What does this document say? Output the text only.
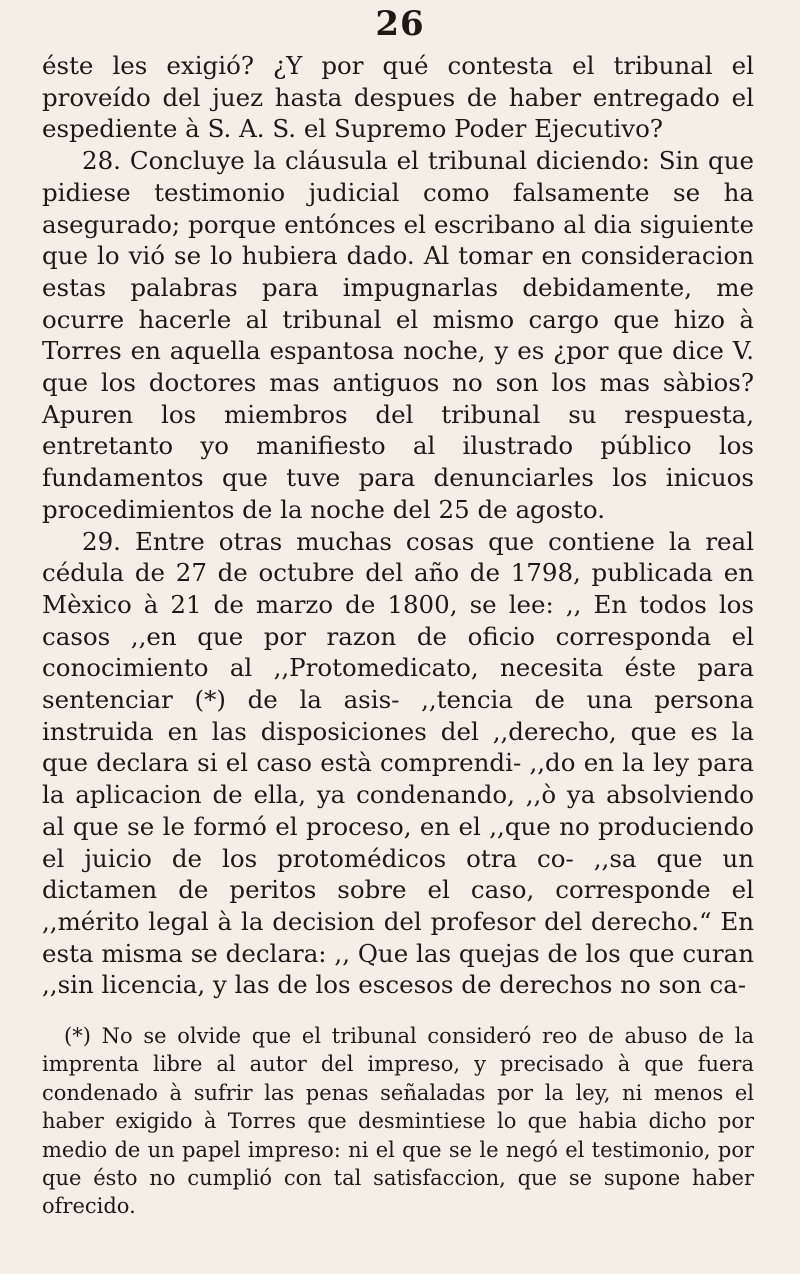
26

éste les exigió? ¿Y por qué contesta el tribunal el proveído del juez hasta despues de haber entregado el espediente à S. A. S. el Supremo Poder Ejecutivo?

28. Concluye la cláusula el tribunal diciendo: Sin que pidiese testimonio judicial como falsamente se ha asegurado; porque entónces el escribano al dia siguiente que lo vió se lo hubiera dado. Al tomar en consideracion estas palabras para impugnarlas debidamente, me ocurre hacerle al tribunal el mismo cargo que hizo à Torres en aquella espantosa noche, y es ¿por que dice V. que los doctores mas antiguos no son los mas sàbios? Apuren los miembros del tribunal su respuesta, entretanto yo manifiesto al ilustrado público los fundamentos que tuve para denunciarles los inicuos procedimientos de la noche del 25 de agosto.

29. Entre otras muchas cosas que contiene la real cédula de 27 de octubre del año de 1798, publicada en Mèxico à 21 de marzo de 1800, se lee: ,, En todos los casos ,,en que por razon de oficio corresponda el conocimiento al ,,Protomedicato, necesita éste para sentenciar (*) de la asis- ,,tencia de una persona instruida en las disposiciones del ,,derecho, que es la que declara si el caso està comprendi- ,,do en la ley para la aplicacion de ella, ya condenando, ,,ò ya absolviendo al que se le formó el proceso, en el ,,que no produciendo el juicio de los protomédicos otra co- ,,sa que un dictamen de peritos sobre el caso, corresponde el ,,mérito legal à la decision del profesor del derecho.“ En esta misma se declara: ,, Que las quejas de los que curan ,,sin licencia, y las de los escesos de derechos no son ca-

(*) No se olvide que el tribunal consideró reo de abuso de la imprenta libre al autor del impreso, y precisado à que fuera condenado à sufrir las penas señaladas por la ley, ni menos el haber exigido à Torres que desmintiese lo que habia dicho por medio de un papel impreso: ni el que se le negó el testimonio, por que ésto no cumplió con tal satisfaccion, que se supone haber ofrecido.
